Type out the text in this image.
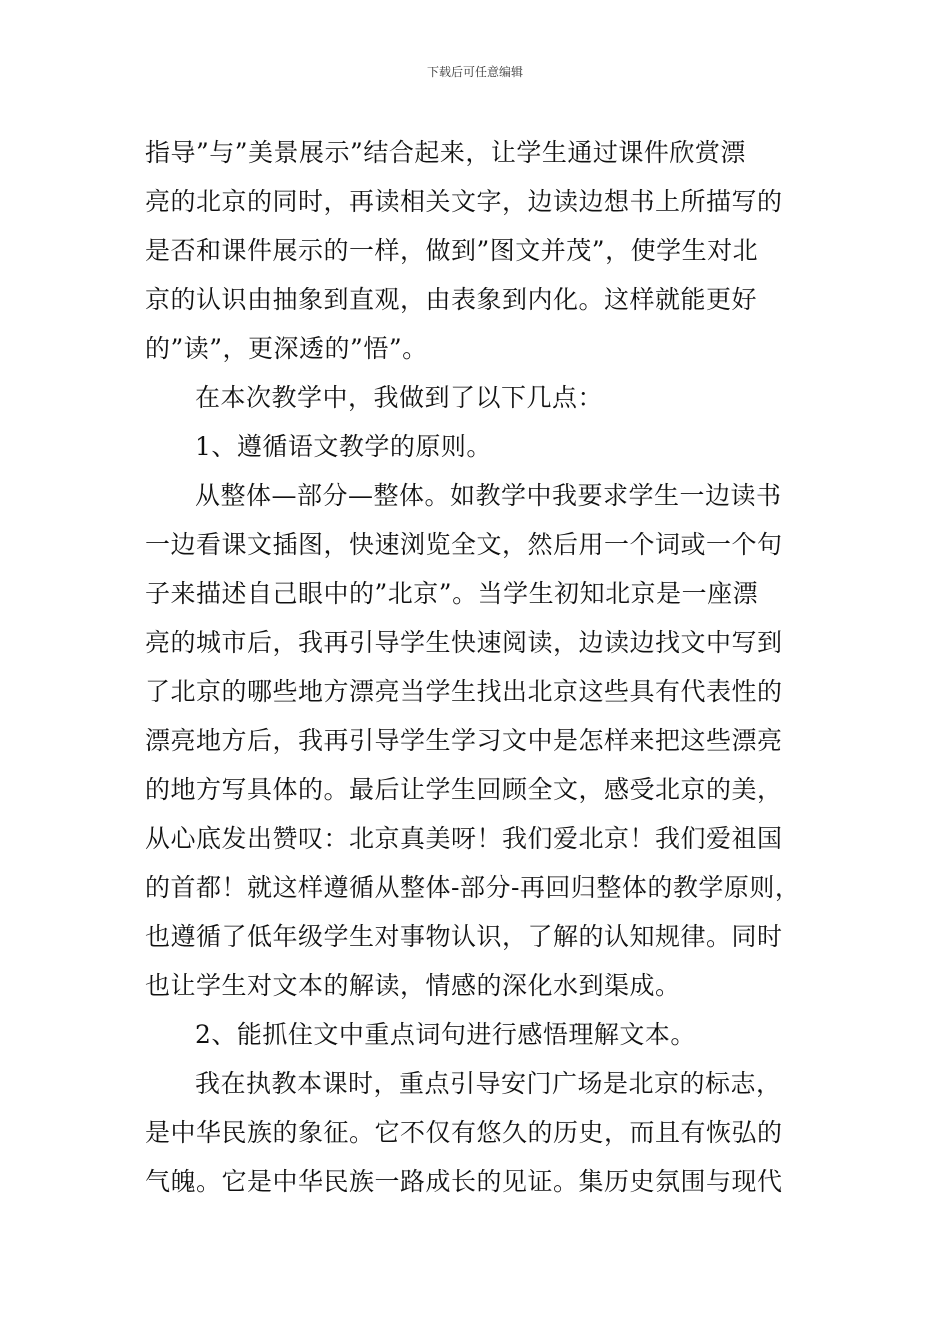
下载后可任意编辑
指导”与”美景展示”结合起来，让学生通过课件欣赏漂
亮的北京的同时，再读相关文字，边读边想书上所描写的
是否和课件展示的一样，做到”图文并茂”，使学生对北
京的认识由抽象到直观，由表象到内化。这样就能更好
的”读”，更深透的”悟”。
在本次教学中，我做到了以下几点：
1、遵循语文教学的原则。
从整体—部分—整体。如教学中我要求学生一边读书
一边看课文插图，快速浏览全文，然后用一个词或一个句
子来描述自己眼中的”北京”。当学生初知北京是一座漂
亮的城市后，我再引导学生快速阅读，边读边找文中写到
了北京的哪些地方漂亮当学生找出北京这些具有代表性的
漂亮地方后，我再引导学生学习文中是怎样来把这些漂亮
的地方写具体的。最后让学生回顾全文，感受北京的美，
从心底发出赞叹：北京真美呀！我们爱北京！我们爱祖国
的首都！就这样遵循从整体-部分-再回归整体的教学原则，
也遵循了低年级学生对事物认识，了解的认知规律。同时
也让学生对文本的解读，情感的深化水到渠成。
2、能抓住文中重点词句进行感悟理解文本。
我在执教本课时，重点引导安门广场是北京的标志，
是中华民族的象征。它不仅有悠久的历史，而且有恢弘的
气魄。它是中华民族一路成长的见证。集历史氛围与现代
